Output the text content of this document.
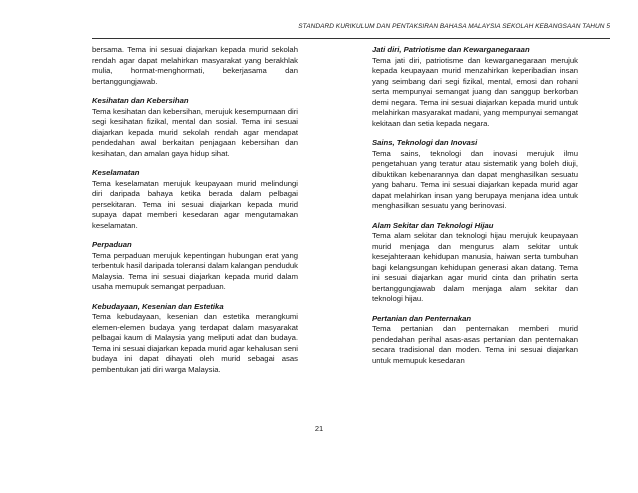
STANDARD KURIKULUM DAN PENTAKSIRAN BAHASA MALAYSIA SEKOLAH KEBANGSAAN TAHUN 5

bersama. Tema ini sesuai diajarkan kepada murid sekolah rendah agar dapat melahirkan masyarakat yang berakhlak mulia, hormat-menghormati, bekerjasama dan bertanggungjawab.

Kesihatan dan Kebersihan

Tema kesihatan dan kebersihan, merujuk kesempurnaan diri segi kesihatan fizikal, mental dan sosial. Tema ini sesuai diajarkan kepada murid sekolah rendah agar mendapat pendedahan awal berkaitan penjagaan kebersihan dan kesihatan, dan amalan gaya hidup sihat.

Keselamatan

Tema keselamatan merujuk keupayaan murid melindungi diri daripada bahaya ketika berada dalam pelbagai persekitaran. Tema ini sesuai diajarkan kepada murid supaya dapat memberi kesedaran agar mengutamakan keselamatan.

Perpaduan

Tema perpaduan merujuk kepentingan hubungan erat yang terbentuk hasil daripada toleransi dalam kalangan penduduk Malaysia. Tema ini sesuai diajarkan kepada murid dalam usaha memupuk semangat perpaduan.

Kebudayaan, Kesenian dan Estetika

Tema kebudayaan, kesenian dan estetika merangkumi elemen-elemen budaya yang terdapat dalam masyarakat pelbagai kaum di Malaysia yang meliputi adat dan budaya. Tema ini sesuai diajarkan kepada murid agar kehalusan seni budaya ini dapat dihayati oleh murid sebagai asas pembentukan jati diri warga Malaysia.

Jati diri, Patriotisme dan Kewarganegaraan

Tema jati diri, patriotisme dan kewarganegaraan merujuk kepada keupayaan murid menzahirkan keperibadian insan yang seimbang dari segi fizikal, mental, emosi dan rohani serta mempunyai semangat juang dan sanggup berkorban demi negara. Tema ini sesuai diajarkan kepada murid untuk melahirkan masyarakat madani, yang mempunyai semangat kekitaan dan setia kepada negara.

Sains, Teknologi dan Inovasi

Tema sains, teknologi dan inovasi merujuk ilmu pengetahuan yang teratur atau sistematik yang boleh diuji, dibuktikan kebenarannya dan dapat menghasilkan sesuatu yang baharu. Tema ini sesuai diajarkan kepada murid agar dapat melahirkan insan yang berupaya menjana idea untuk menghasilkan sesuatu yang berinovasi.

Alam Sekitar dan Teknologi Hijau

Tema alam sekitar dan teknologi hijau merujuk keupayaan murid menjaga dan mengurus alam sekitar untuk kesejahteraan kehidupan manusia, haiwan serta tumbuhan bagi kelangsungan kehidupan generasi akan datang. Tema ini sesuai diajarkan agar murid cinta dan prihatin serta bertanggungjawab dalam menjaga alam sekitar dan teknologi hijau.

Pertanian dan Penternakan

Tema pertanian dan penternakan memberi murid pendedahan perihal asas-asas pertanian dan penternakan secara tradisional dan moden. Tema ini sesuai diajarkan untuk memupuk kesedaran

21
